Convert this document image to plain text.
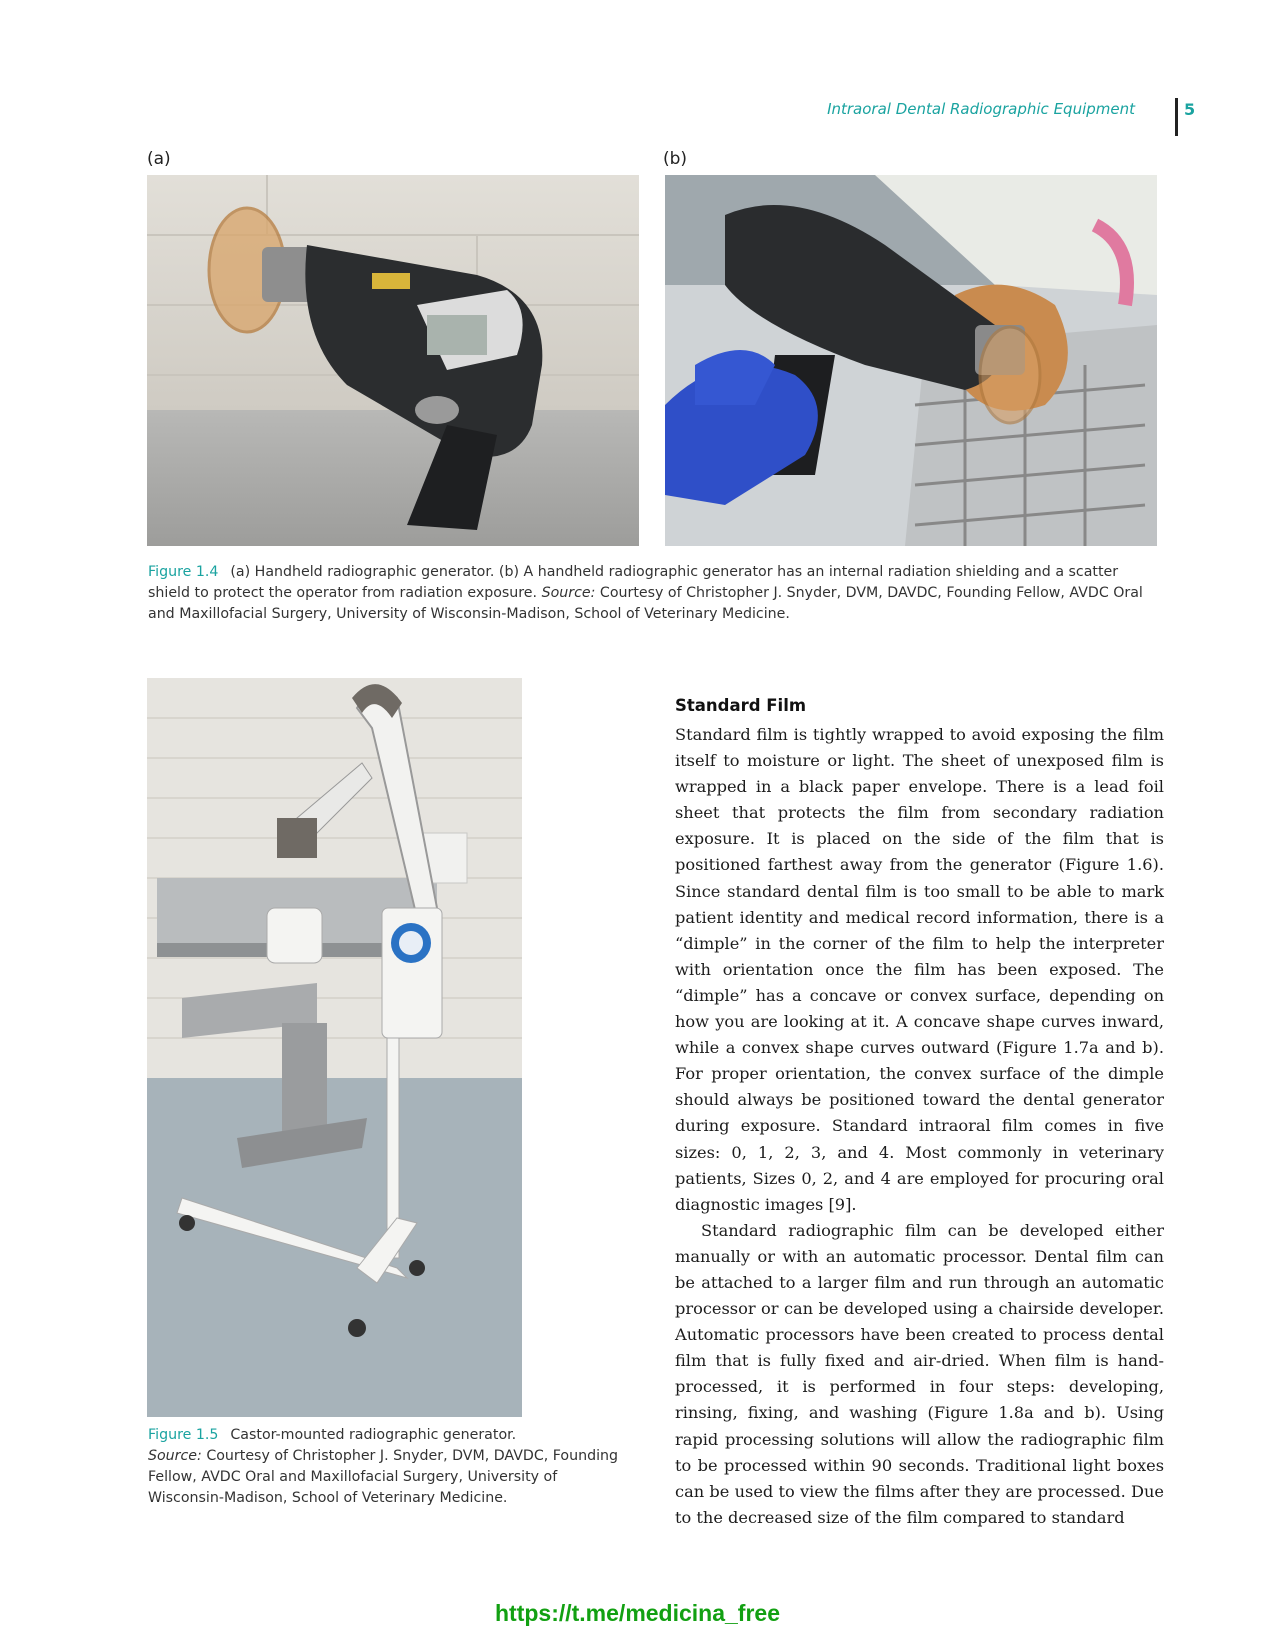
Intraoral Dental Radiographic Equipment	5
(a)	(b)
Figure 1.4 (a) Handheld radiographic generator. (b) A handheld radiographic generator has an internal radiation shielding and a scatter shield to protect the operator from radiation exposure. Source: Courtesy of Christopher J. Snyder, DVM, DAVDC, Founding Fellow, AVDC Oral and Maxillofacial Surgery, University of Wisconsin-Madison, School of Veterinary Medicine.
Figure 1.5 Castor-mounted radiographic generator.
Source: Courtesy of Christopher J. Snyder, DVM, DAVDC, Founding Fellow, AVDC Oral and Maxillofacial Surgery, University of Wisconsin-Madison, School of Veterinary Medicine.
Standard Film

Standard film is tightly wrapped to avoid exposing the film itself to moisture or light. The sheet of unexposed film is wrapped in a black paper envelope. There is a lead foil sheet that protects the film from secondary radiation exposure. It is placed on the side of the film that is positioned farthest away from the generator (Figure 1.6). Since standard dental film is too small to be able to mark patient identity and medical record information, there is a “dimple” in the corner of the film to help the interpreter with orientation once the film has been exposed. The “dimple” has a concave or convex surface, depending on how you are looking at it. A concave shape curves inward, while a convex shape curves outward (Figure 1.7a and b). For proper orientation, the convex surface of the dimple should always be positioned toward the dental generator during exposure. Standard intraoral film comes in five sizes: 0, 1, 2, 3, and 4. Most commonly in veterinary patients, Sizes 0, 2, and 4 are employed for procuring oral diagnostic images [9].

Standard radiographic film can be developed either manually or with an automatic processor. Dental film can be attached to a larger film and run through an automatic processor or can be developed using a chairside developer. Automatic processors have been created to process dental film that is fully fixed and air-dried. When film is hand-processed, it is performed in four steps: developing, rinsing, fixing, and washing (Figure 1.8a and b). Using rapid processing solutions will allow the radiographic film to be processed within 90 seconds. Traditional light boxes can be used to view the films after they are processed. Due to the decreased size of the film compared to standard

https://t.me/medicina_free
